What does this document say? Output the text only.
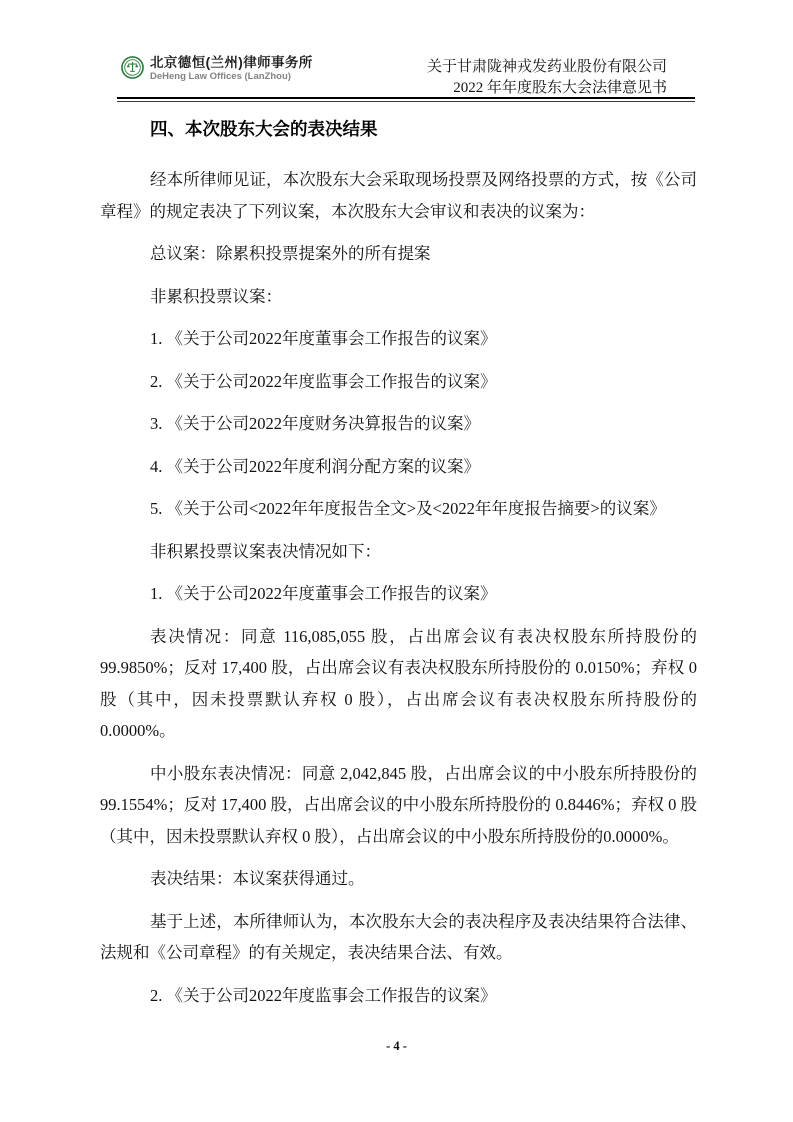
北京德恒(兰州)律师事务所
DeHeng Law Offices (LanZhou)
关于甘肃陇神戎发药业股份有限公司
2022 年年度股东大会法律意见书
四、本次股东大会的表决结果

经本所律师见证，本次股东大会采取现场投票及网络投票的方式，按《公司章程》的规定表决了下列议案，本次股东大会审议和表决的议案为：

总议案：除累积投票提案外的所有提案

非累积投票议案：

1. 《关于公司2022年度董事会工作报告的议案》

2. 《关于公司2022年度监事会工作报告的议案》

3. 《关于公司2022年度财务决算报告的议案》

4. 《关于公司2022年度利润分配方案的议案》

5. 《关于公司<2022年年度报告全文>及<2022年年度报告摘要>的议案》

非积累投票议案表决情况如下：

1. 《关于公司2022年度董事会工作报告的议案》

表决情况：同意 116,085,055 股，占出席会议有表决权股东所持股份的99.9850%；反对 17,400 股，占出席会议有表决权股东所持股份的 0.0150%；弃权 0 股（其中，因未投票默认弃权 0 股），占出席会议有表决权股东所持股份的 0.0000%。

中小股东表决情况：同意 2,042,845 股，占出席会议的中小股东所持股份的99.1554%；反对 17,400 股，占出席会议的中小股东所持股份的 0.8446%；弃权 0 股（其中，因未投票默认弃权 0 股），占出席会议的中小股东所持股份的0.0000%。

表决结果：本议案获得通过。

基于上述，本所律师认为，本次股东大会的表决程序及表决结果符合法律、法规和《公司章程》的有关规定，表决结果合法、有效。

2. 《关于公司2022年度监事会工作报告的议案》

- 4 -
